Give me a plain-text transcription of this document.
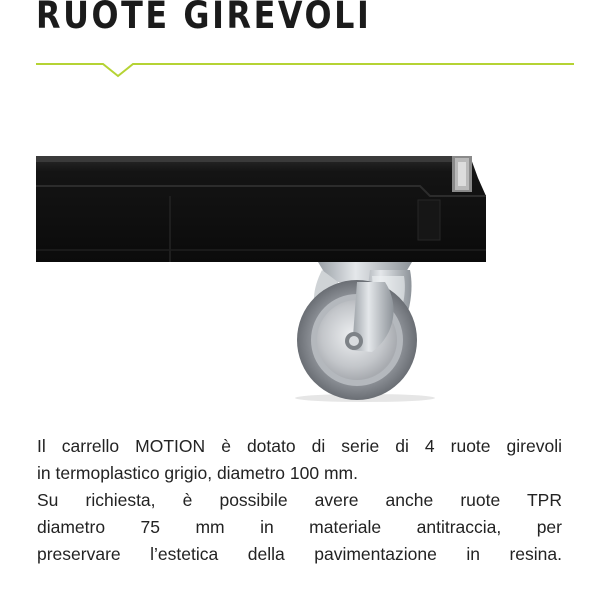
RUOTE GIREVOLI

Il carrello MOTION è dotato di serie di 4 ruote girevoli

in termoplastico grigio, diametro 100 mm.

Su richiesta, è possibile avere anche ruote TPR

diametro 75 mm in materiale antitraccia, per

preservare l’estetica della pavimentazione in resina.
